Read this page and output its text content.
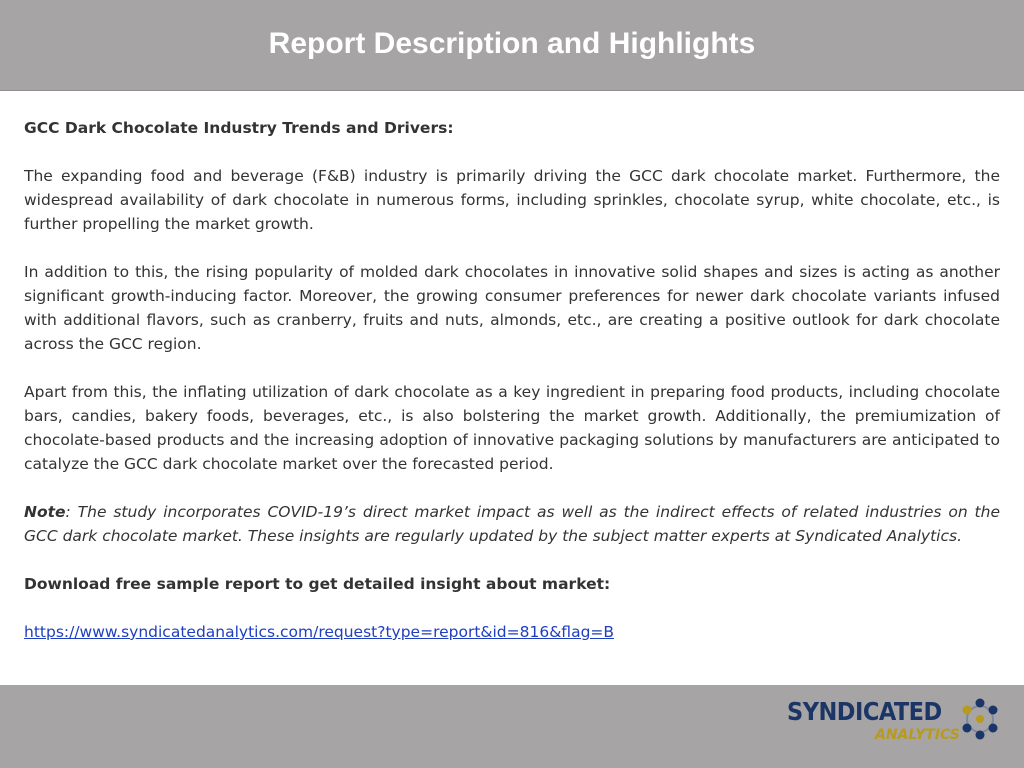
Report Description and Highlights

GCC Dark Chocolate Industry Trends and Drivers:

The expanding food and beverage (F&B) industry is primarily driving the GCC dark chocolate market. Furthermore, the widespread availability of dark chocolate in numerous forms, including sprinkles, chocolate syrup, white chocolate, etc., is further propelling the market growth.

In addition to this, the rising popularity of molded dark chocolates in innovative solid shapes and sizes is acting as another significant growth-inducing factor. Moreover, the growing consumer preferences for newer dark chocolate variants infused with additional flavors, such as cranberry, fruits and nuts, almonds, etc., are creating a positive outlook for dark chocolate across the GCC region.

Apart from this, the inflating utilization of dark chocolate as a key ingredient in preparing food products, including chocolate bars, candies, bakery foods, beverages, etc., is also bolstering the market growth. Additionally, the premiumization of chocolate-based products and the increasing adoption of innovative packaging solutions by manufacturers are anticipated to catalyze the GCC dark chocolate market over the forecasted period.

Note: The study incorporates COVID-19’s direct market impact as well as the indirect effects of related industries on the GCC dark chocolate market. These insights are regularly updated by the subject matter experts at Syndicated Analytics.

Download free sample report to get detailed insight about market:

https://www.syndicatedanalytics.com/request?type=report&id=816&flag=B
SYNDICATED
ANALYTICS
